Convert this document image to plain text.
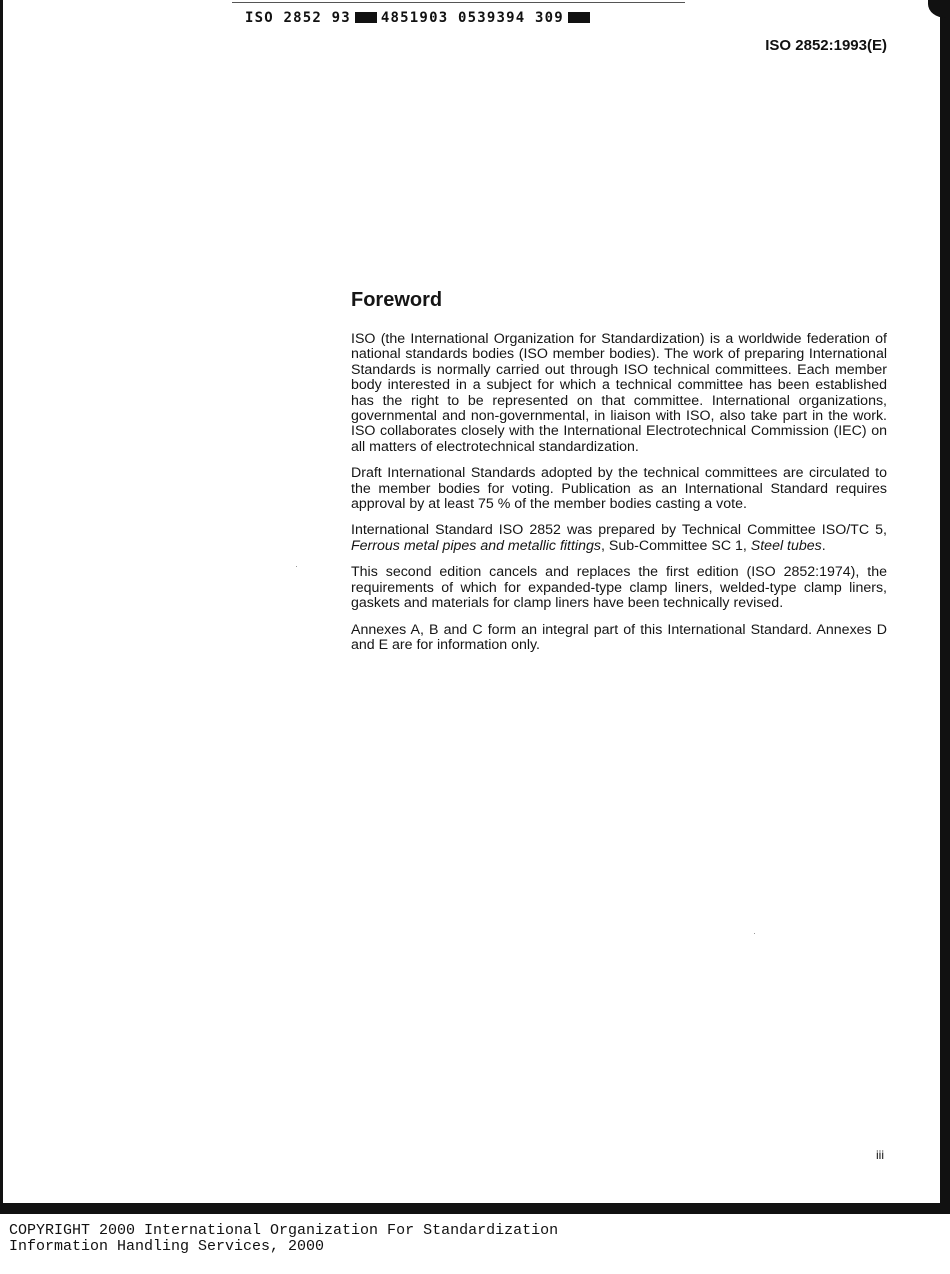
ISO 2852 93 4851903 0539394 309
ISO 2852:1993(E)
Foreword

ISO (the International Organization for Standardization) is a worldwide federation of national standards bodies (ISO member bodies). The work of preparing International Standards is normally carried out through ISO technical committees. Each member body interested in a subject for which a technical committee has been established has the right to be represented on that committee. International organizations, governmental and non-governmental, in liaison with ISO, also take part in the work. ISO collaborates closely with the International Electrotechnical Commission (IEC) on all matters of electrotechnical standardization.

Draft International Standards adopted by the technical committees are circulated to the member bodies for voting. Publication as an International Standard requires approval by at least 75 % of the member bodies casting a vote.

International Standard ISO 2852 was prepared by Technical Committee ISO/TC 5, Ferrous metal pipes and metallic fittings, Sub-Committee SC 1, Steel tubes.

This second edition cancels and replaces the first edition (ISO 2852:1974), the requirements of which for expanded-type clamp liners, welded-type clamp liners, gaskets and materials for clamp liners have been technically revised.

Annexes A, B and C form an integral part of this International Standard. Annexes D and E are for information only.

iii
COPYRIGHT 2000 International Organization For Standardization
Information Handling Services, 2000
